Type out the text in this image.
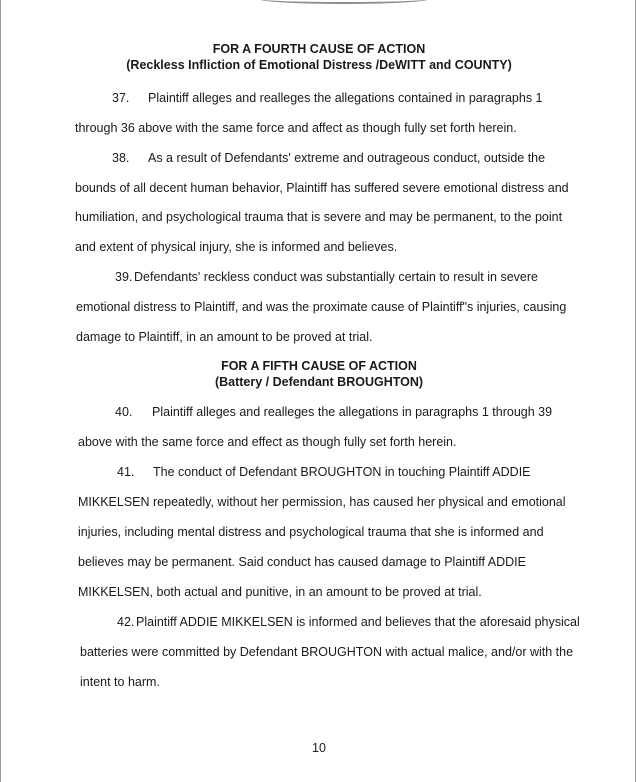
FOR A FOURTH CAUSE OF ACTION
(Reckless Infliction of Emotional Distress /DeWITT and COUNTY)
37. Plaintiff alleges and realleges the allegations contained in paragraphs 1
through 36 above with the same force and affect as though fully set forth herein.
38. As a result of Defendants' extreme and outrageous conduct, outside the
bounds of all decent human behavior, Plaintiff has suffered severe emotional distress and
humiliation, and psychological trauma that is severe and may be permanent, to the point
and extent of physical injury, she is informed and believes.
39. Defendants' reckless conduct was substantially certain to result in severe
emotional distress to Plaintiff, and was the proximate cause of Plaintiff"s injuries, causing
damage to Plaintiff, in an amount to be proved at trial.
FOR A FIFTH CAUSE OF ACTION
(Battery / Defendant BROUGHTON)
40. Plaintiff alleges and realleges the allegations in paragraphs 1 through 39
above with the same force and effect as though fully set forth herein.
41. The conduct of Defendant BROUGHTON in touching Plaintiff ADDIE
MIKKELSEN repeatedly, without her permission, has caused her physical and emotional
injuries, including mental distress and psychological trauma that she is informed and
believes may be permanent. Said conduct has caused damage to Plaintiff ADDIE
MIKKELSEN, both actual and punitive, in an amount to be proved at trial.
42. Plaintiff ADDIE MIKKELSEN is informed and believes that the aforesaid physical
batteries were committed by Defendant BROUGHTON with actual malice, and/or with the
intent to harm.
10
